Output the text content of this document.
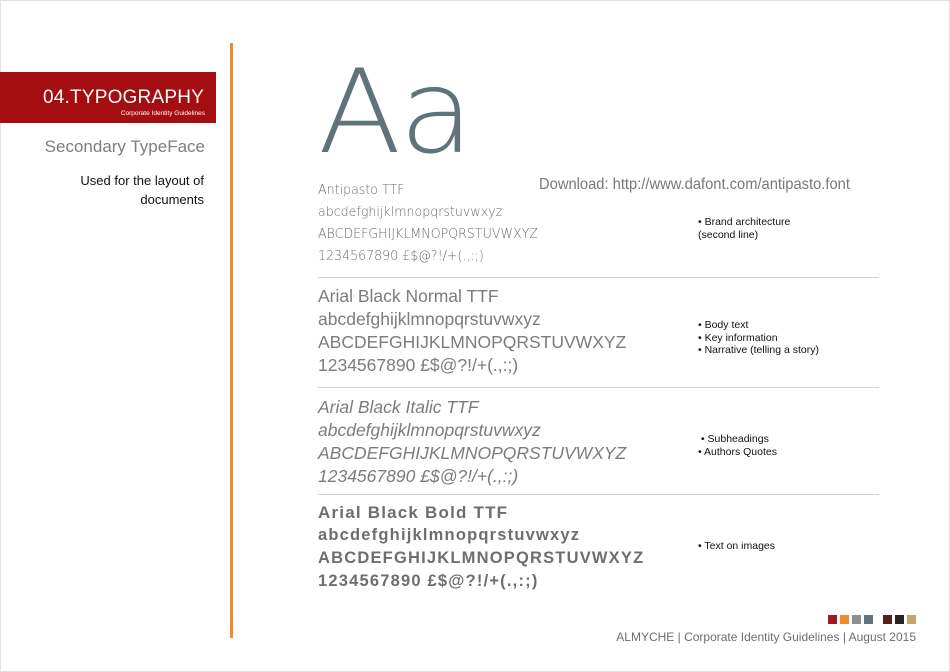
04.TYPOGRAPHY
Corporate Identity Guidelines
Secondary TypeFace
Used for the layout of documents
Aa
Download: http://www.dafont.com/antipasto.font
Antipasto TTF
abcdefghijklmnopqrstuvwxyz
ABCDEFGHIJKLMNOPQRSTUVWXYZ
1234567890 £$@?!/+(.,:;)
• Brand architecture
(second line)
Arial Black Normal TTF
abcdefghijklmnopqrstuvwxyz
ABCDEFGHIJKLMNOPQRSTUVWXYZ
1234567890 £$@?!/+(.,:;)
• Body text
• Key information
• Narrative (telling a story)
Arial Black Italic TTF
abcdefghijklmnopqrstuvwxyz
ABCDEFGHIJKLMNOPQRSTUVWXYZ
1234567890 £$@?!/+(.,:;)
• Subheadings
• Authors Quotes
Arial Black Bold TTF
abcdefghijklmnopqrstuvwxyz
ABCDEFGHIJKLMNOPQRSTUVWXYZ
1234567890 £$@?!/+(.,:;)
• Text on images
ALMYCHE | Corporate Identity Guidelines | August 2015
